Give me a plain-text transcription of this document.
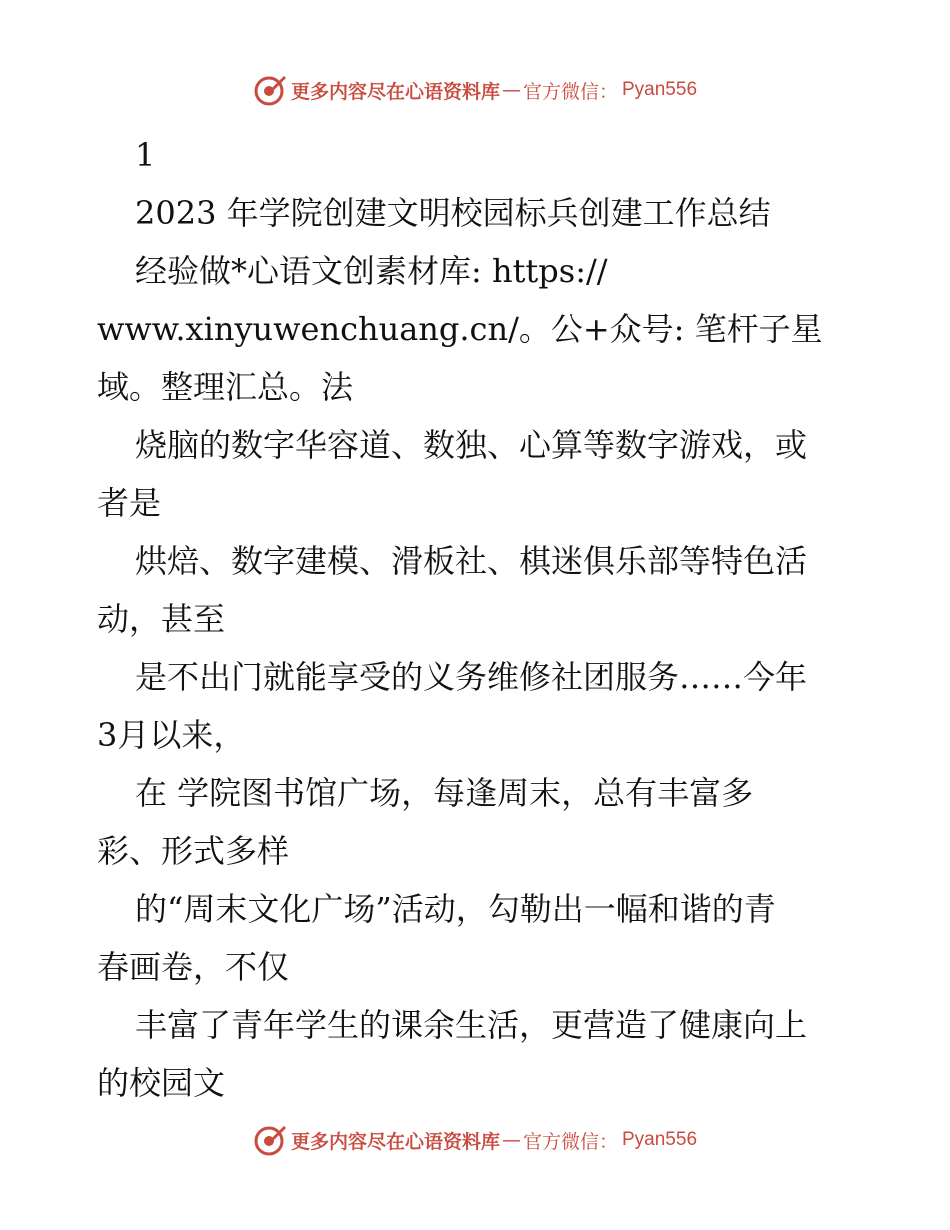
更多内容尽在心语资料库 — 官方微信： Pyan556
1
2023 年学院创建文明校园标兵创建工作总结
经验做*心语文创素材库: https://
www.xinyuwenchuang.cn/。公+众号: 笔杆子星
域。整理汇总。法
烧脑的数字华容道、数独、心算等数字游戏，或
者是
烘焙、数字建模、滑板社、棋迷俱乐部等特色活
动，甚至
是不出门就能享受的义务维修社团服务……今年
3月以来，
在 学院图书馆广场，每逢周末，总有丰富多
彩、形式多样
的“周末文化广场”活动，勾勒出一幅和谐的青
春画卷，不仅
丰富了青年学生的课余生活，更营造了健康向上
的校园文
更多内容尽在心语资料库 — 官方微信： Pyan556
